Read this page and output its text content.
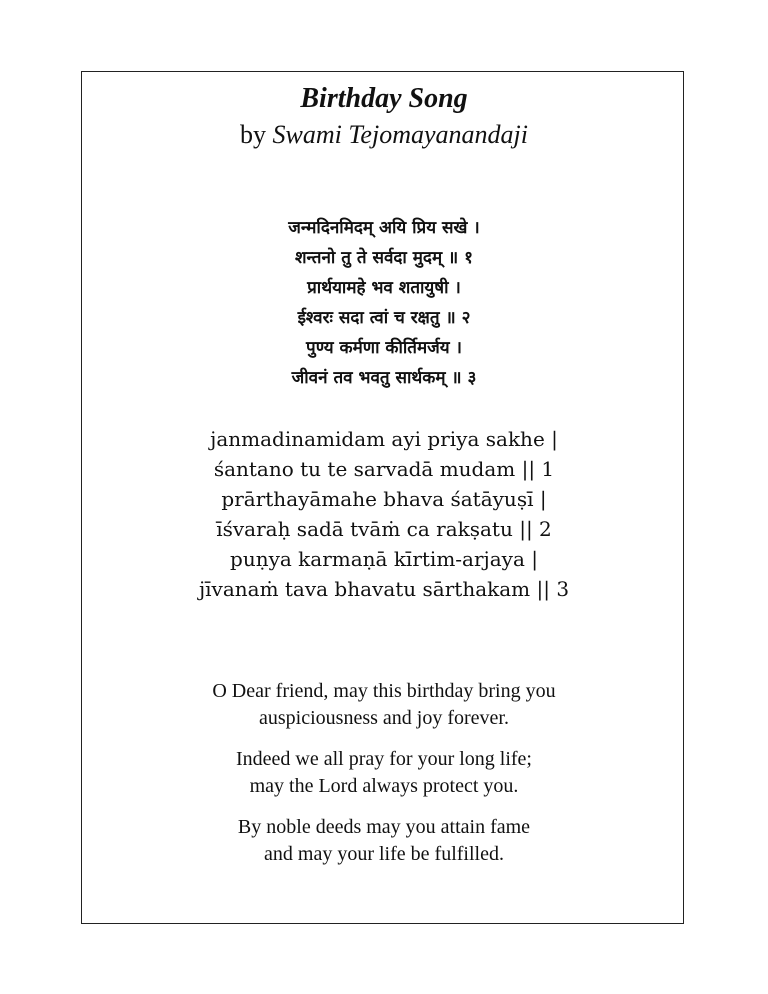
Birthday Song
by Swami Tejomayanandaji
जन्मदिनमिदम् अयि प्रिय सखे ।
शन्तनो तु ते सर्वदा मुदम् ॥ १
प्रार्थयामहे भव शतायुषी ।
ईश्वरः सदा त्वां च रक्षतु ॥ २
पुण्य कर्मणा कीर्तिमर्जय ।
जीवनं तव भवतु सार्थकम् ॥ ३
janmadinamidam ayi priya sakhe |
śantano tu te sarvadā mudam || 1
prārthayāmahe bhava śatāyuṣī |
īśvaraḥ sadā tvāṁ ca rakṣatu || 2
puṇya karmaṇā kīrtim-arjaya |
jīvanaṁ tava bhavatu sārthakam || 3
O Dear friend, may this birthday bring you
auspiciousness and joy forever.
Indeed we all pray for your long life;
may the Lord always protect you.
By noble deeds may you attain fame
and may your life be fulfilled.
